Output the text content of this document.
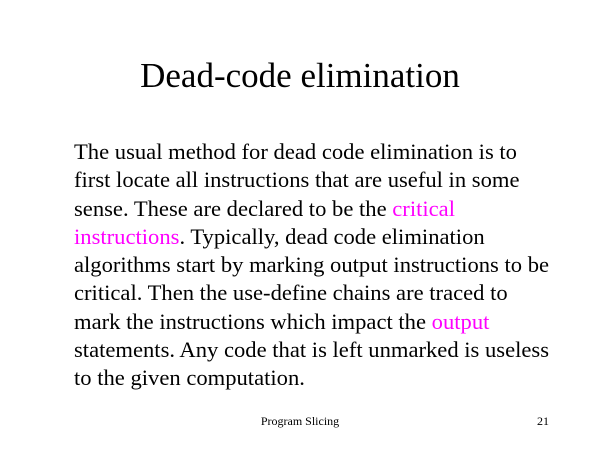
Dead-code elimination

The usual method for dead code elimination is to first locate all instructions that are useful in some sense. These are declared to be the critical instructions. Typically, dead code elimination algorithms start by marking output instructions to be critical. Then the use-define chains are traced to mark the instructions which impact the output statements. Any code that is left unmarked is useless to the given computation.

Program Slicing	21
